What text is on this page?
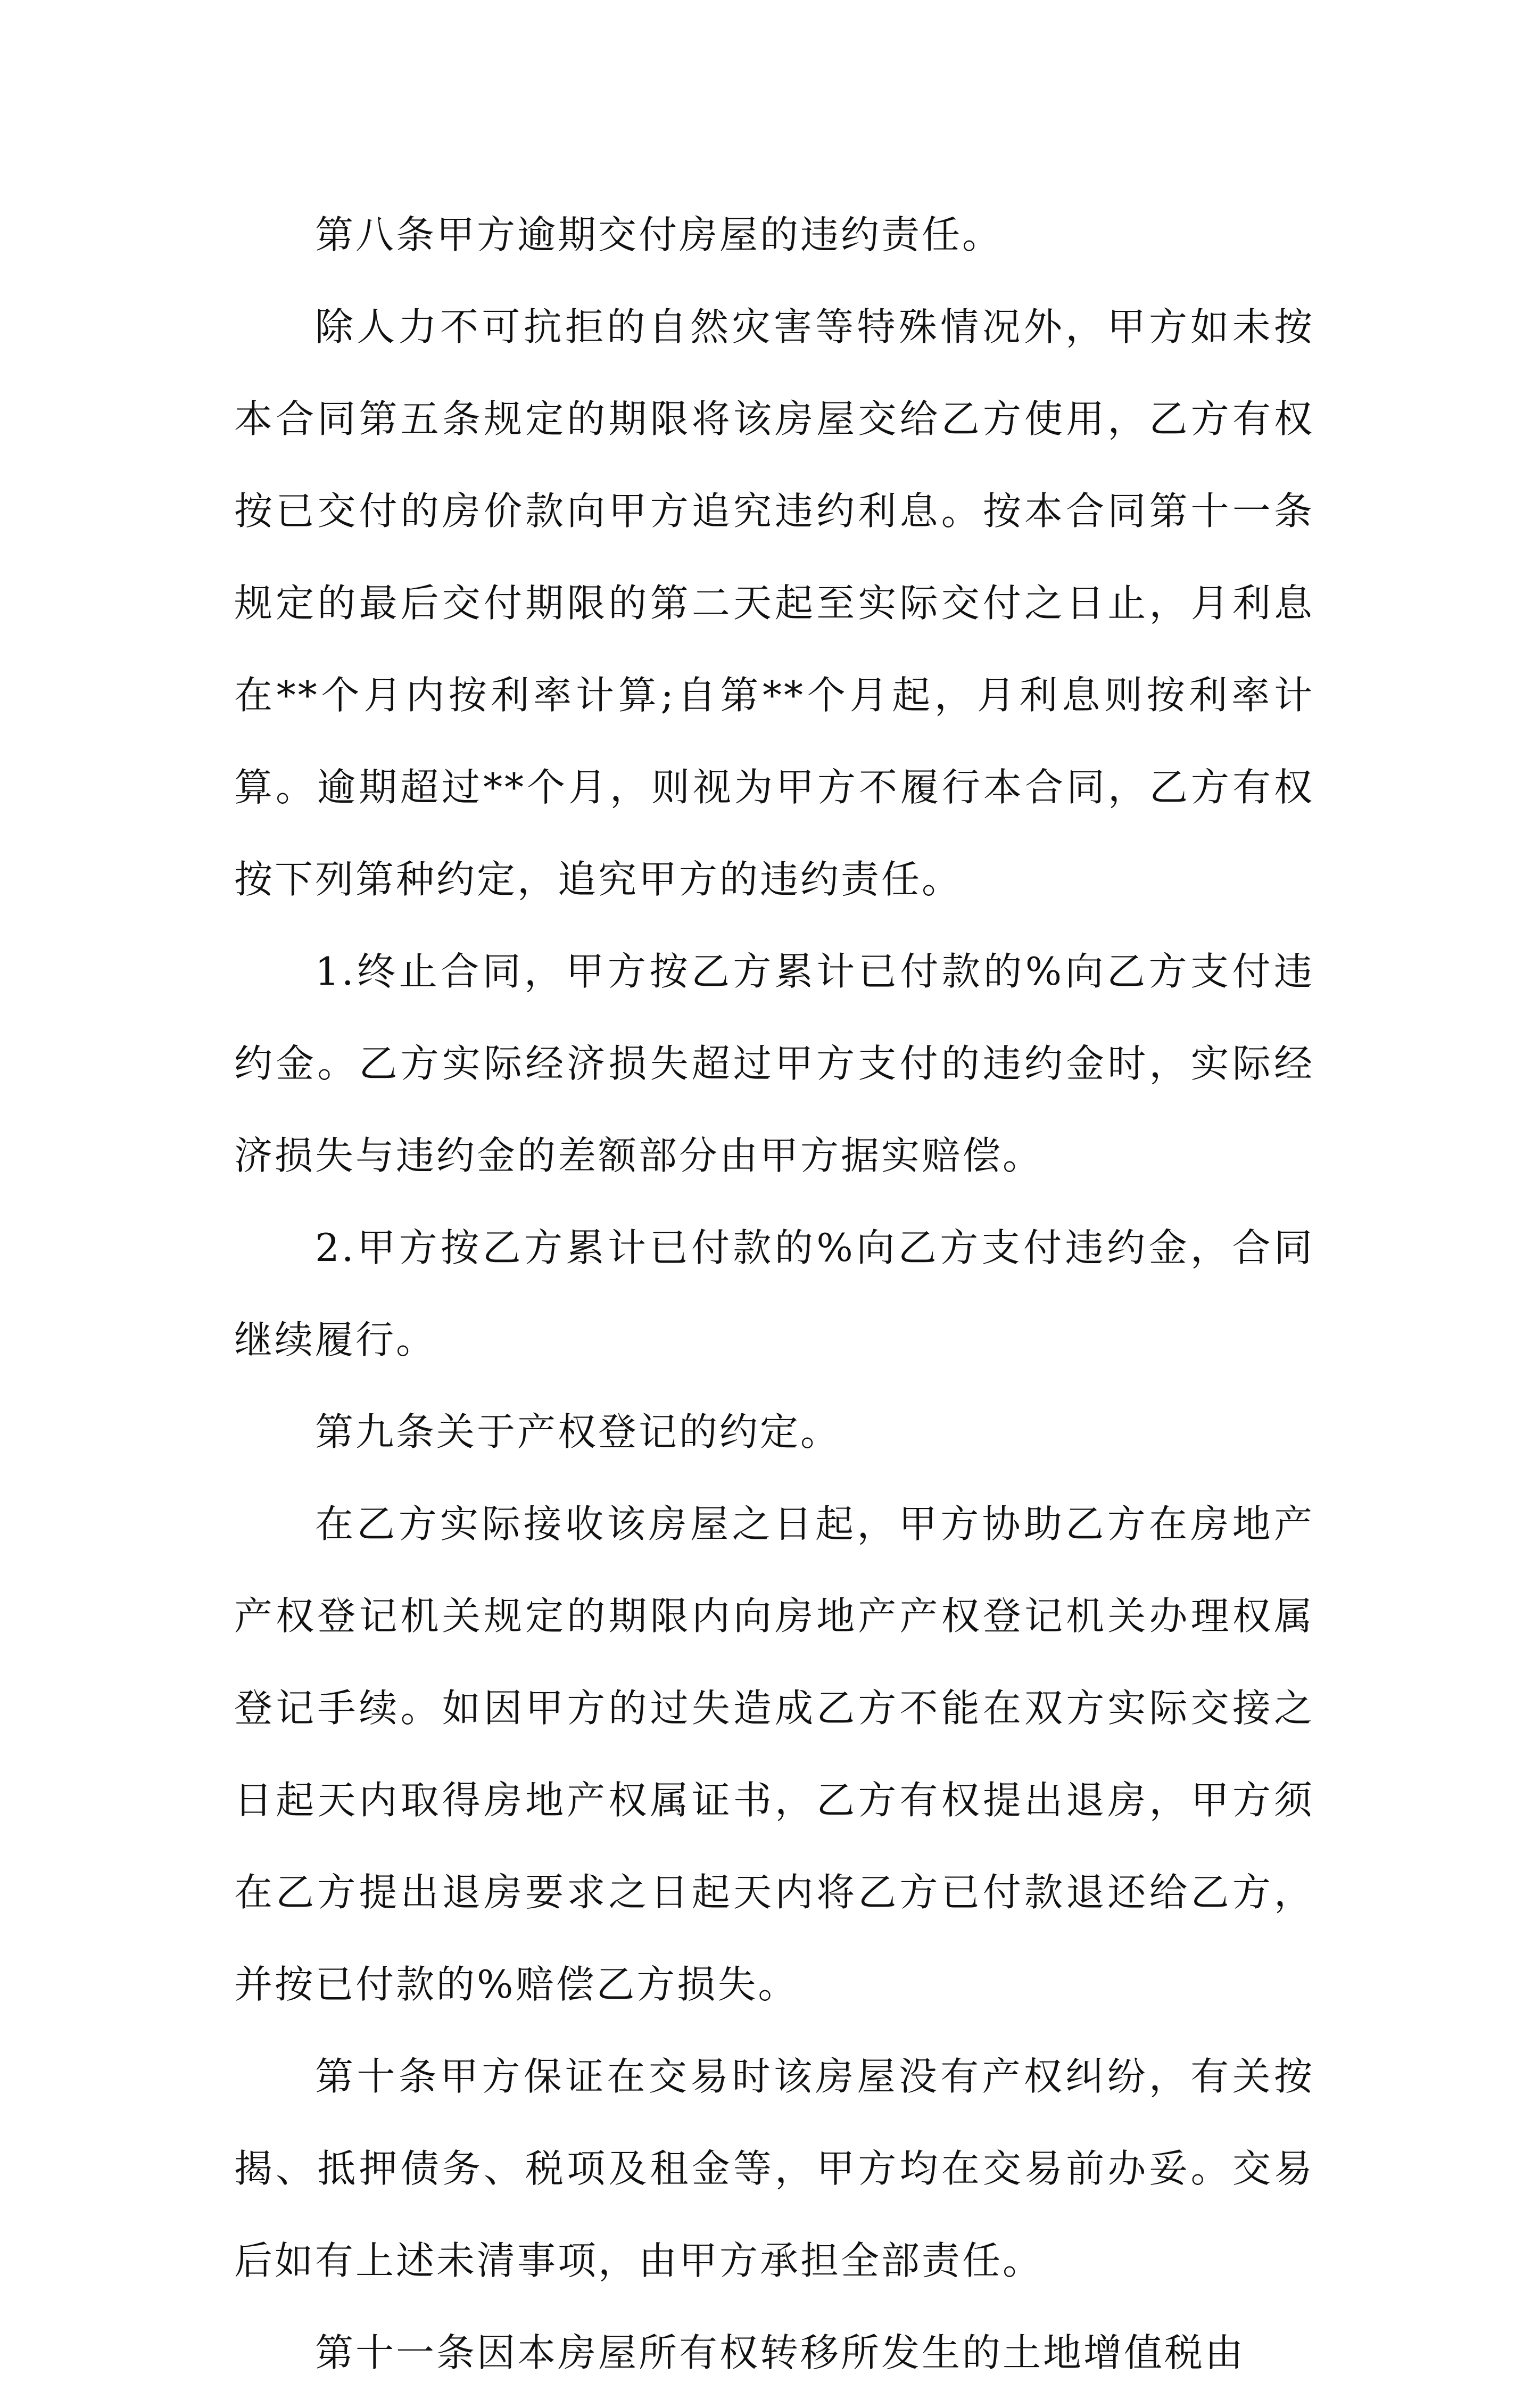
第八条甲方逾期交付房屋的违约责任。

除人力不可抗拒的自然灾害等特殊情况外，甲方如未按本合同第五条规定的期限将该房屋交给乙方使用，乙方有权按已交付的房价款向甲方追究违约利息。按本合同第十一条规定的最后交付期限的第二天起至实际交付之日止，月利息在**个月内按利率计算;自第**个月起，月利息则按利率计算。逾期超过**个月，则视为甲方不履行本合同，乙方有权按下列第种约定，追究甲方的违约责任。

1.终止合同，甲方按乙方累计已付款的%向乙方支付违约金。乙方实际经济损失超过甲方支付的违约金时，实际经济损失与违约金的差额部分由甲方据实赔偿。

2.甲方按乙方累计已付款的%向乙方支付违约金，合同继续履行。

第九条关于产权登记的约定。

在乙方实际接收该房屋之日起，甲方协助乙方在房地产产权登记机关规定的期限内向房地产产权登记机关办理权属登记手续。如因甲方的过失造成乙方不能在双方实际交接之日起天内取得房地产权属证书，乙方有权提出退房，甲方须在乙方提出退房要求之日起天内将乙方已付款退还给乙方，并按已付款的%赔偿乙方损失。

第十条甲方保证在交易时该房屋没有产权纠纷，有关按揭、抵押债务、税项及租金等，甲方均在交易前办妥。交易后如有上述未清事项，由甲方承担全部责任。

第十一条因本房屋所有权转移所发生的土地增值税由
